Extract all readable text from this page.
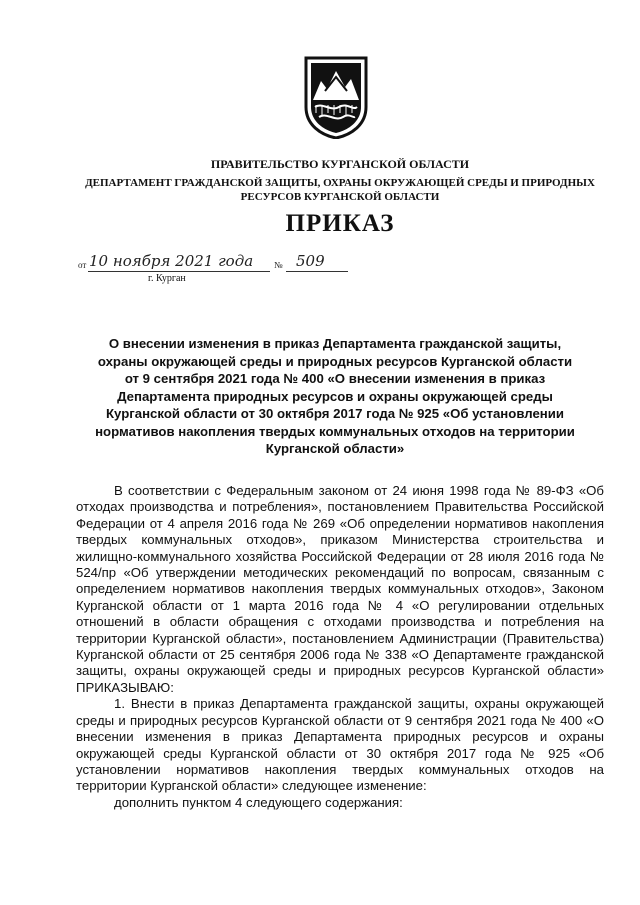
ПРАВИТЕЛЬСТВО КУРГАНСКОЙ ОБЛАСТИ
ДЕПАРТАМЕНТ ГРАЖДАНСКОЙ ЗАЩИТЫ, ОХРАНЫ ОКРУЖАЮЩЕЙ СРЕДЫ И ПРИРОДНЫХ РЕСУРСОВ КУРГАНСКОЙ ОБЛАСТИ
ПРИКАЗ
от 10 ноября 2021 года № 509
г. Курган
О внесении изменения в приказ Департамента гражданской защиты, охраны окружающей среды и природных ресурсов Курганской области от 9 сентября 2021 года № 400 «О внесении изменения в приказ Департамента природных ресурсов и охраны окружающей среды Курганской области от 30 октября 2017 года № 925 «Об установлении нормативов накопления твердых коммунальных отходов на территории Курганской области»

В соответствии с Федеральным законом от 24 июня 1998 года № 89-ФЗ «Об отходах производства и потребления», постановлением Правительства Российской Федерации от 4 апреля 2016 года № 269 «Об определении нормативов накопления твердых коммунальных отходов», приказом Министерства строительства и жилищно-коммунального хозяйства Российской Федерации от 28 июля 2016 года № 524/пр «Об утверждении методических рекомендаций по вопросам, связанным с определением нормативов накопления твердых коммунальных отходов», Законом Курганской области от 1 марта 2016 года № 4 «О регулировании отдельных отношений в области обращения с отходами производства и потребления на территории Курганской области», постановлением Администрации (Правительства) Курганской области от 25 сентября 2006 года № 338 «О Департаменте гражданской защиты, охраны окружающей среды и природных ресурсов Курганской области» ПРИКАЗЫВАЮ:

1. Внести в приказ Департамента гражданской защиты, охраны окружающей среды и природных ресурсов Курганской области от 9 сентября 2021 года № 400 «О внесении изменения в приказ Департамента природных ресурсов и охраны окружающей среды Курганской области от 30 октября 2017 года № 925 «Об установлении нормативов накопления твердых коммунальных отходов на территории Курганской области» следующее изменение:

дополнить пунктом 4 следующего содержания:
